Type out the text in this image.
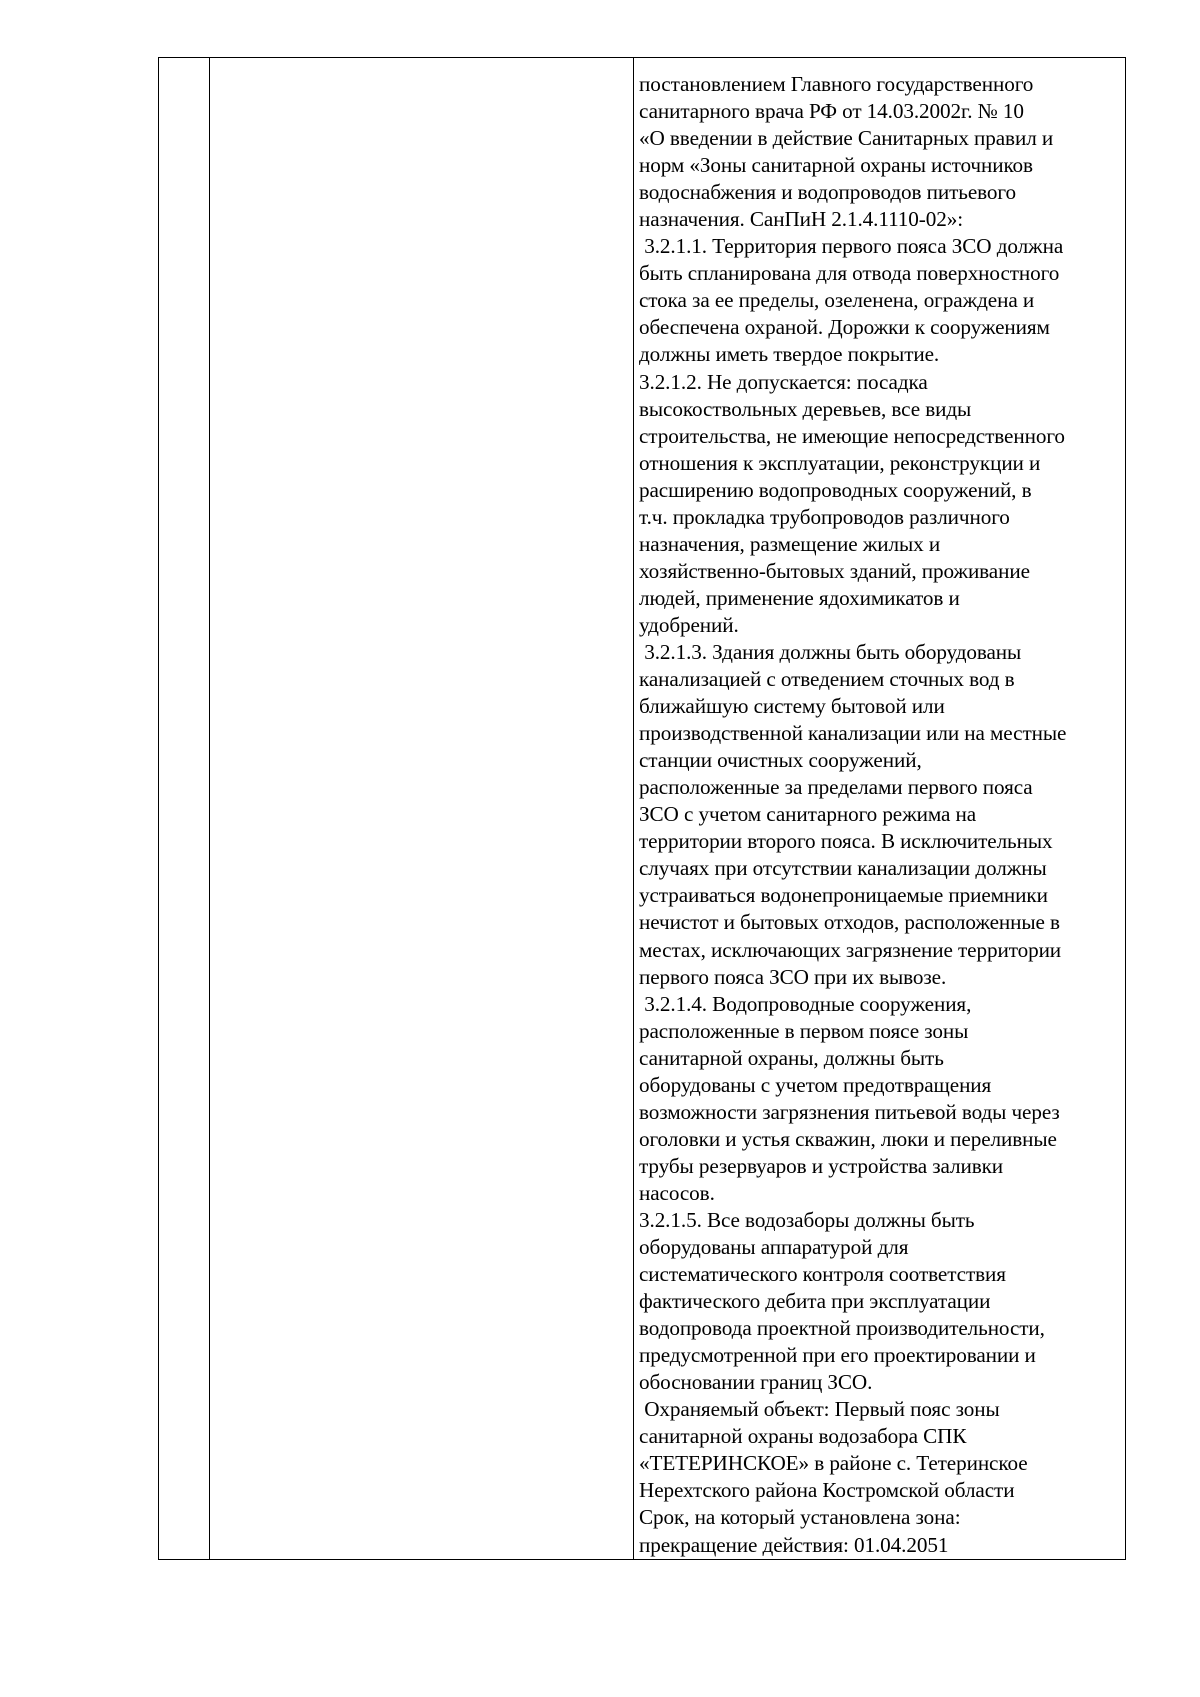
постановлением Главного государственного
санитарного врача РФ от 14.03.2002г. № 10
«О введении в действие Санитарных правил и
норм «Зоны санитарной охраны источников
водоснабжения и водопроводов питьевого
назначения. СанПиН 2.1.4.1110-02»:
3.2.1.1. Территория первого пояса ЗСО должна
быть спланирована для отвода поверхностного
стока за ее пределы, озеленена, ограждена и
обеспечена охраной. Дорожки к сооружениям
должны иметь твердое покрытие.
3.2.1.2. Не допускается: посадка
высокоствольных деревьев, все виды
строительства, не имеющие непосредственного
отношения к эксплуатации, реконструкции и
расширению водопроводных сооружений, в
т.ч. прокладка трубопроводов различного
назначения, размещение жилых и
хозяйственно-бытовых зданий, проживание
людей, применение ядохимикатов и
удобрений.
3.2.1.3. Здания должны быть оборудованы
канализацией с отведением сточных вод в
ближайшую систему бытовой или
производственной канализации или на местные
станции очистных сооружений,
расположенные за пределами первого пояса
ЗСО с учетом санитарного режима на
территории второго пояса. В исключительных
случаях при отсутствии канализации должны
устраиваться водонепроницаемые приемники
нечистот и бытовых отходов, расположенные в
местах, исключающих загрязнение территории
первого пояса ЗСО при их вывозе.
3.2.1.4. Водопроводные сооружения,
расположенные в первом поясе зоны
санитарной охраны, должны быть
оборудованы с учетом предотвращения
возможности загрязнения питьевой воды через
оголовки и устья скважин, люки и переливные
трубы резервуаров и устройства заливки
насосов.
3.2.1.5. Все водозаборы должны быть
оборудованы аппаратурой для
систематического контроля соответствия
фактического дебита при эксплуатации
водопровода проектной производительности,
предусмотренной при его проектировании и
обосновании границ ЗСО.
Охраняемый объект: Первый пояс зоны
санитарной охраны водозабора СПК
«ТЕТЕРИНСКОЕ» в районе с. Тетеринское
Нерехтского района Костромской области
Срок, на который установлена зона:
прекращение действия: 01.04.2051
